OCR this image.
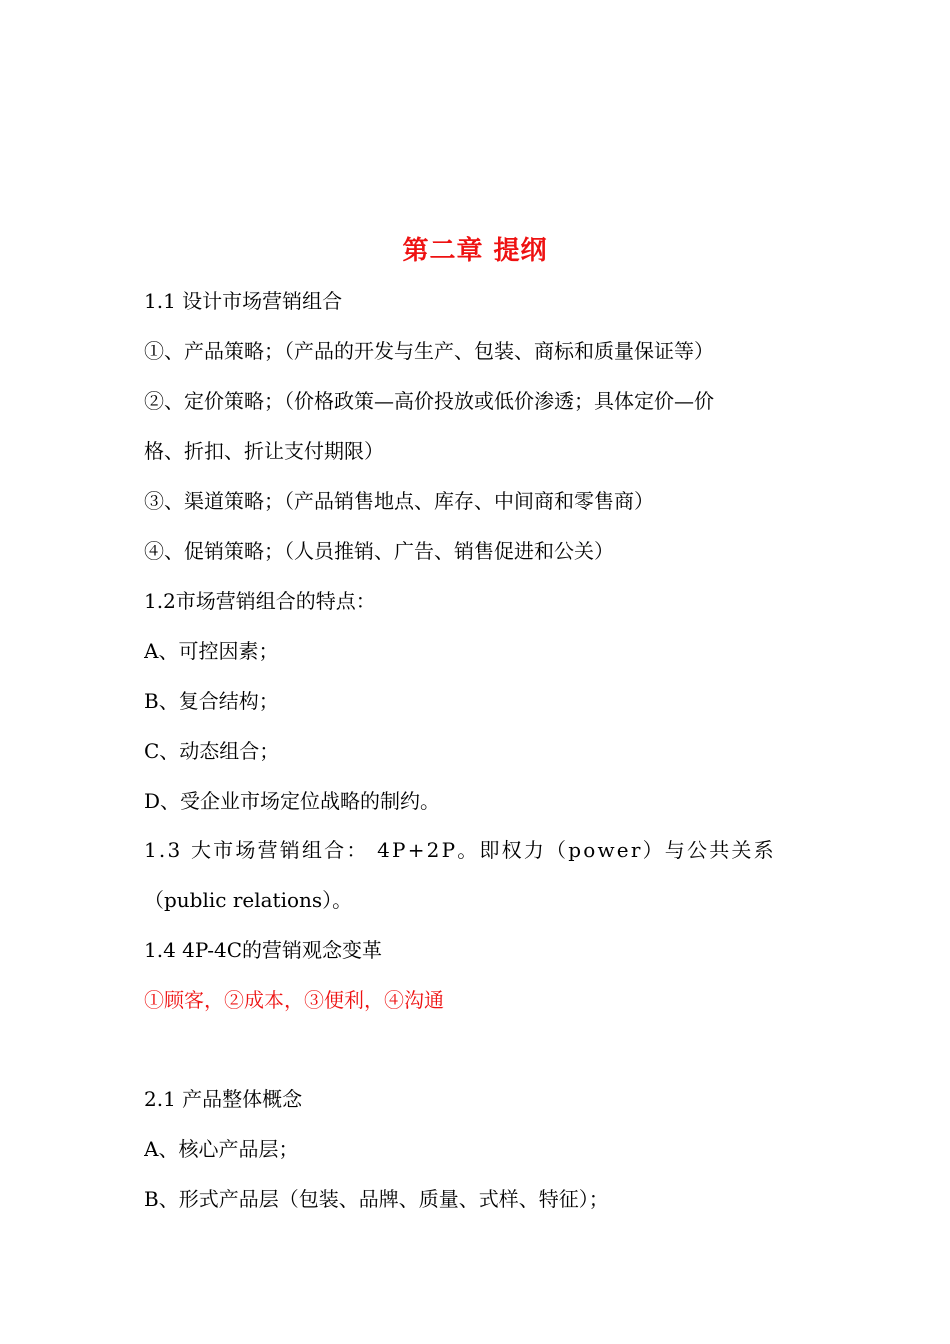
第二章 提纲
1.1 设计市场营销组合
①、产品策略；（产品的开发与生产、包装、商标和质量保证等）
②、定价策略；（价格政策—高价投放或低价渗透；具体定价—价
格、折扣、折让支付期限）
③、渠道策略；（产品销售地点、库存、中间商和零售商）
④、促销策略；（人员推销、广告、销售促进和公关）
1.2市场营销组合的特点：
A、可控因素；
B、复合结构；
C、动态组合；
D、受企业市场定位战略的制约。
1.3 大市场营销组合： 4P+2P。即权力（power）与公共关系
（public relations）。
1.4 4P-4C的营销观念变革
①顾客，②成本，③便利，④沟通
2.1 产品整体概念
A、核心产品层；
B、形式产品层（包装、品牌、质量、式样、特征）；
